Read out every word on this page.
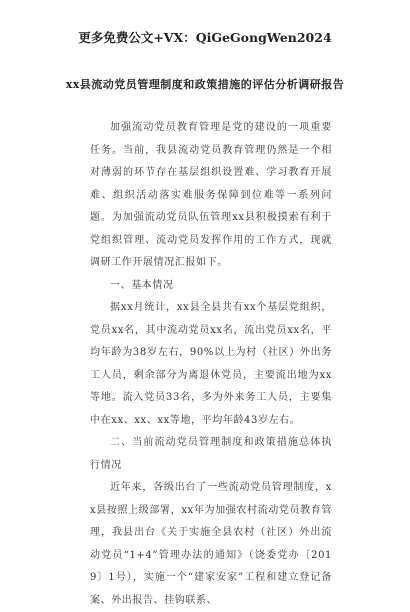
更多免费公文+VX：QiGeGongWen2024
xx县流动党员管理制度和政策措施的评估分析调研报告

加强流动党员教育管理是党的建设的一项重要任务。当前，我县流动党员教育管理仍然是一个相对薄弱的环节存在基层组织设置难、学习教育开展难、组织活动落实难服务保障到位难等一系列问题。为加强流动党员队伍管理xx县积极摸索有利于党组织管理、流动党员发挥作用的工作方式，现就调研工作开展情况汇报如下。

一、基本情况

据xx月统计，xx县全县共有xx个基层党组织，党员xx名，其中流动党员xx名，流出党员xx名，平均年龄为38岁左右，90%以上为村（社区）外出务工人员，剩余部分为离退休党员，主要流出地为xx等地。流入党员33名，多为外来务工人员，主要集中在xx、xx、xx等地，平均年龄43岁左右。

二、当前流动党员管理制度和政策措施总体执行情况

近年来，各级出台了一些流动党员管理制度，xx县按照上级部署，xx年为加强农村流动党员教育管理，我县出台《关于实施全县农村（社区）外出流动党员“1+4”管理办法的通知》（饶委党办〔2019〕1号），实施一个“建家安家”工程和建立登记备案、外出报告、挂钩联系、
